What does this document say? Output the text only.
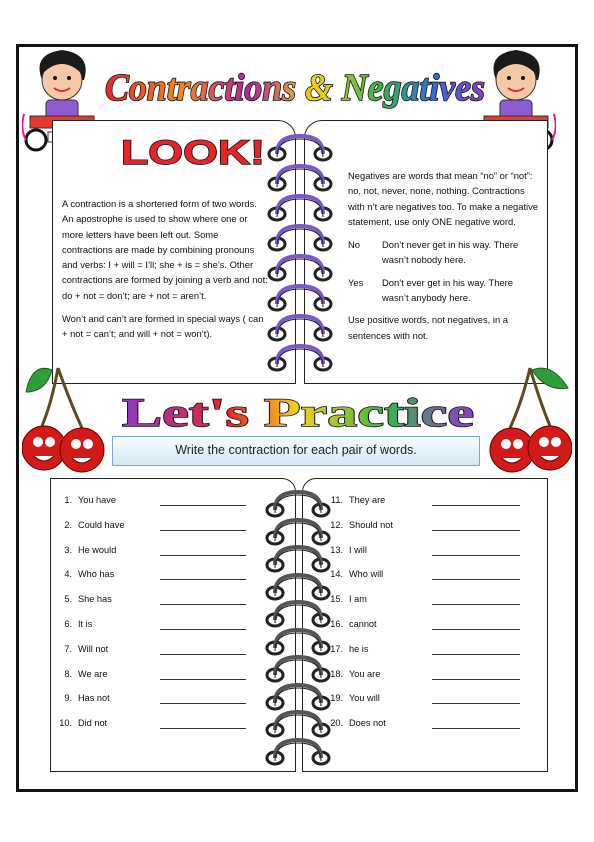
Contractions & Negatives
LOOK!

A contraction is a shortened form of two words. An apostrophe is used to show where one or more letters have been left out. Some contractions are made by combining pronouns and verbs: I + will = I’ll; she + is = she’s. Other contractions are formed by joining a verb and not: do + not = don’t; are + not = aren’t.

Won’t and can’t are formed in special ways ( can + not = can’t; and will + not = won’t).

Negatives are words that mean “no” or “not”: no, not, never, none, nothing. Contractions with n’t are negatives too. To make a negative statement, use only ONE negative word.

No	Don’t never get in his way. There wasn’t nobody here.
Yes	Don’t ever get in his way. There wasn’t anybody here.

Use positive words, not negatives, in a sentences with not.

Let's Practice
Write the contraction for each pair of words.
1. You have
2. Could have
3. He would
4. Who has
5. She has
6. It is
7. Will not
8. We are
9. Has not
10. Did not
11. They are
12. Should not
13. I will
14. Who will
15. I am
16. cannot
17. he is
18. You are
19. You will
20. Does not
